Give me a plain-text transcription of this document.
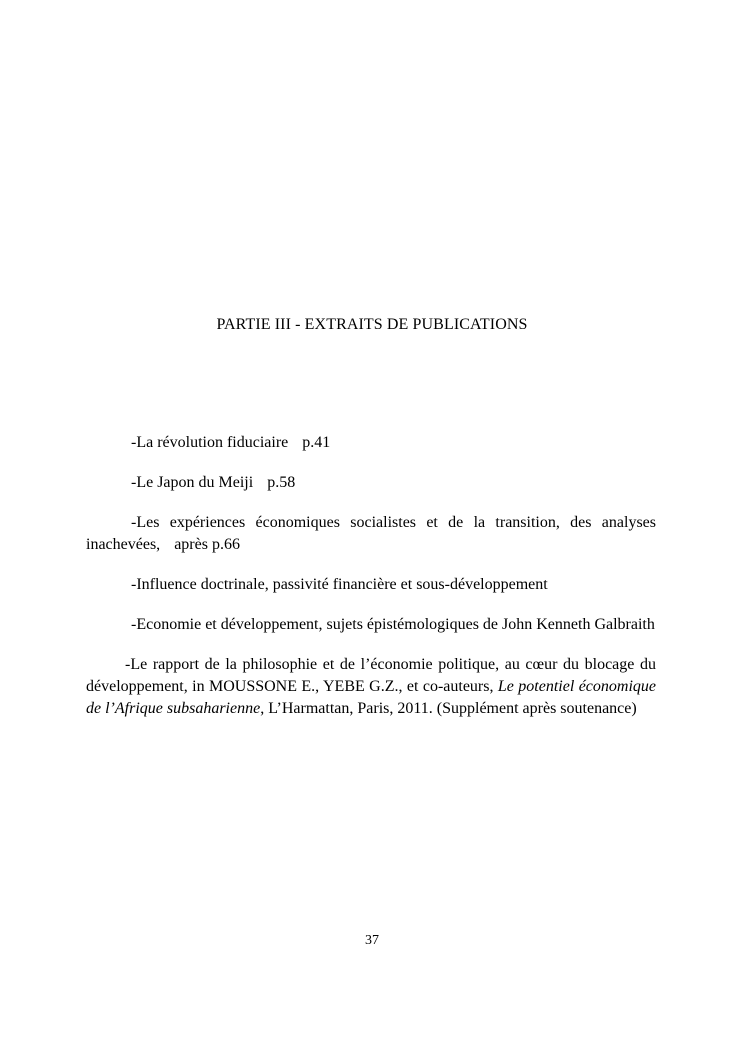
PARTIE III - EXTRAITS DE PUBLICATIONS

-La révolution fiduciaire p.41

-Le Japon du Meiji p.58

-Les expériences économiques socialistes et de la transition, des analyses inachevées, après p.66

-Influence doctrinale, passivité financière et sous-développement

-Economie et développement, sujets épistémologiques de John Kenneth Galbraith

-Le rapport de la philosophie et de l’économie politique, au cœur du blocage du développement, in MOUSSONE E., YEBE G.Z., et co-auteurs, Le potentiel économique de l’Afrique subsaharienne, L’Harmattan, Paris, 2011. (Supplément après soutenance)

37
